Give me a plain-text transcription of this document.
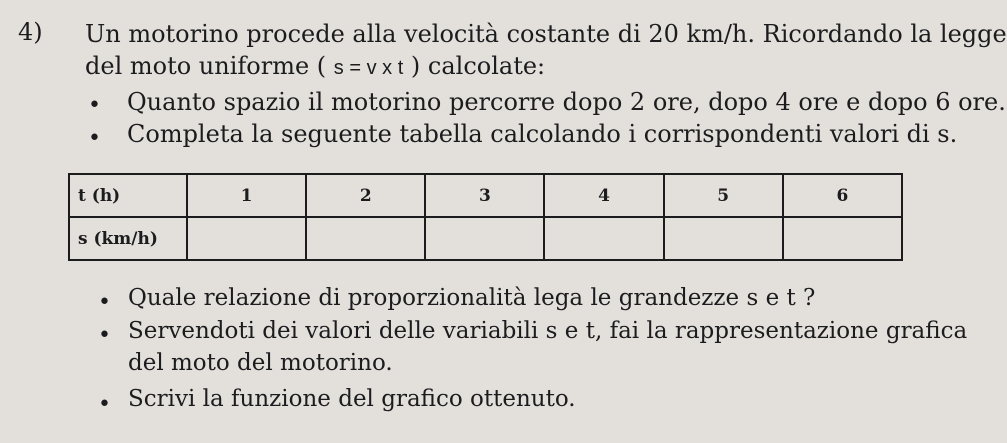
4) Un motorino procede alla velocità costante di 20 km/h. Ricordando la legge
del moto uniforme ( s = v x t ) calcolate:
• Quanto spazio il motorino percorre dopo 2 ore, dopo 4 ore e dopo 6 ore.
• Completa la seguente tabella calcolando i corrispondenti valori di s.
t (h)	1	2	3	4	5	6
s (km/h)						
• Quale relazione di proporzionalità lega le grandezze s e t ?
• Servendoti dei valori delle variabili s e t, fai la rappresentazione grafica
del moto del motorino.
• Scrivi la funzione del grafico ottenuto.
